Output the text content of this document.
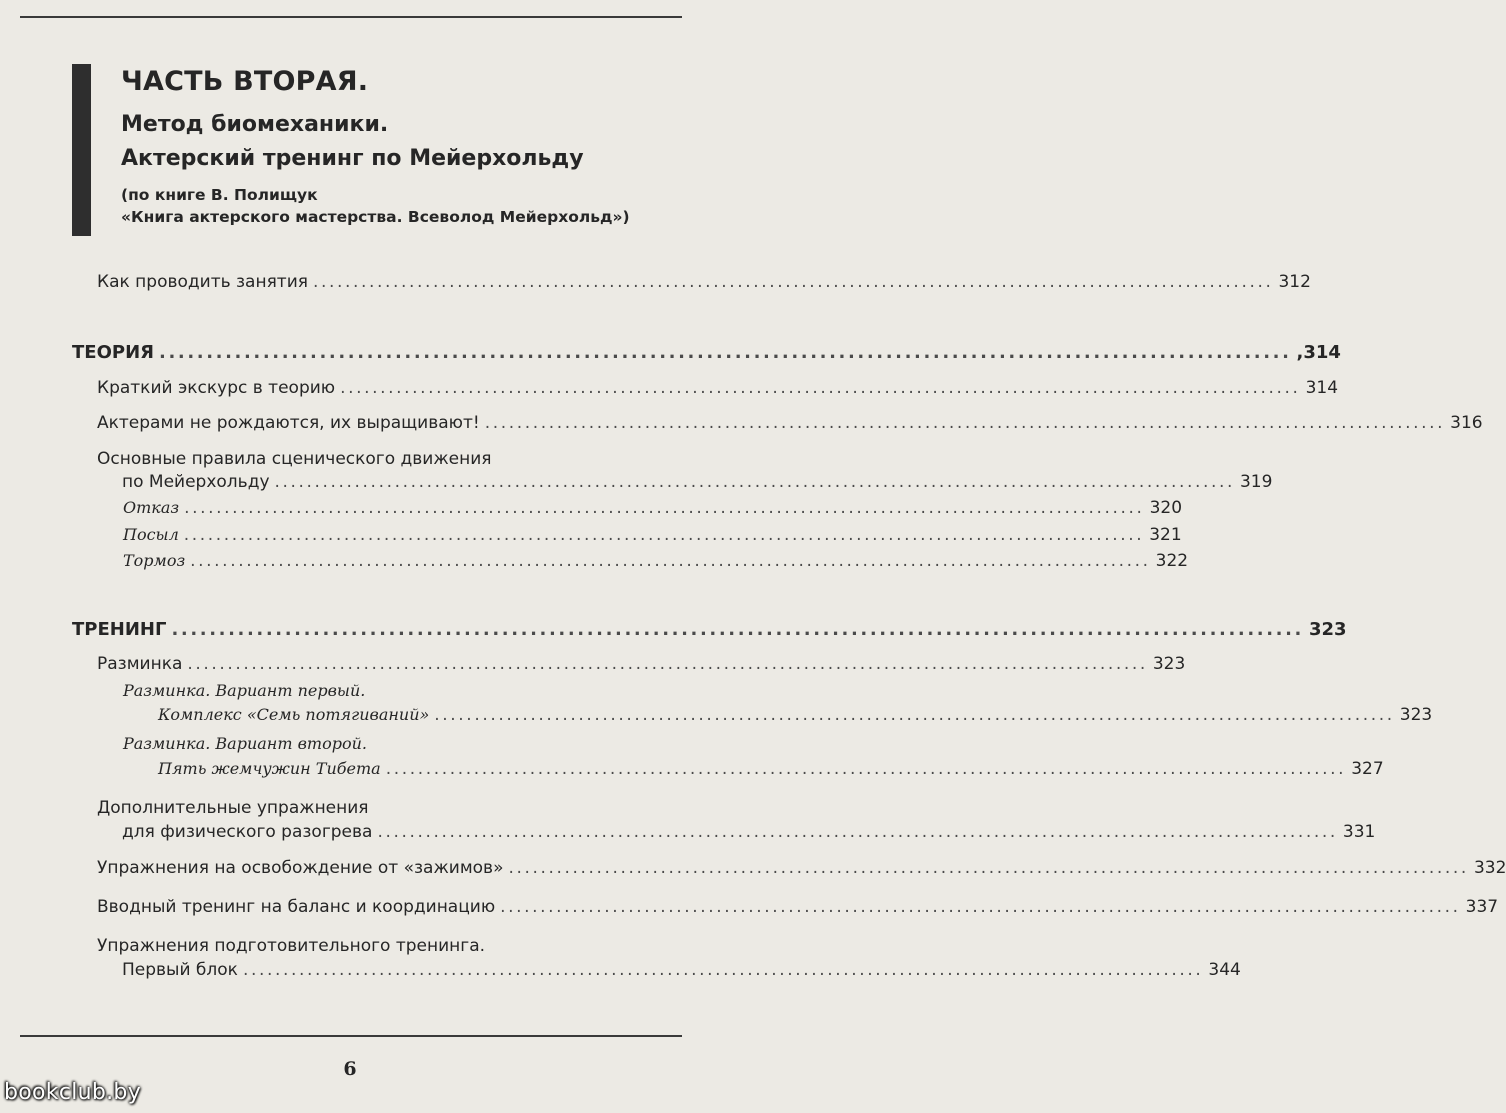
ЧАСТЬ ВТОРАЯ.
Метод биомеханики.
Актерский тренинг по Мейерхольду
(по книге В. Полищук
«Книга актерского мастерства. Всеволод Мейерхольд»)
Как проводить занятия ........................................................................................................................ 312
ТЕОРИЯ ........................................................................................................................ ,314
Краткий экскурс в теорию ........................................................................................................................ 314
Актерами не рождаются, их выращивают! ........................................................................................................................ 316
Основные правила сценического движения
по Мейерхольду ........................................................................................................................ 319
Отказ ........................................................................................................................ 320
Посыл ........................................................................................................................ 321
Тормоз ........................................................................................................................ 322
ТРЕНИНГ ........................................................................................................................ 323
Разминка ........................................................................................................................ 323
Разминка. Вариант первый.
Комплекс «Семь потягиваний» ........................................................................................................................ 323
Разминка. Вариант второй.
Пять жемчужин Тибета ........................................................................................................................ 327
Дополнительные упражнения
для физического разогрева ........................................................................................................................ 331
Упражнения на освобождение от «зажимов» ........................................................................................................................ 332
Вводный тренинг на баланс и координацию ........................................................................................................................ 337
Упражнения подготовительного тренинга.
Первый блок ........................................................................................................................ 344
6
bookclub.by
